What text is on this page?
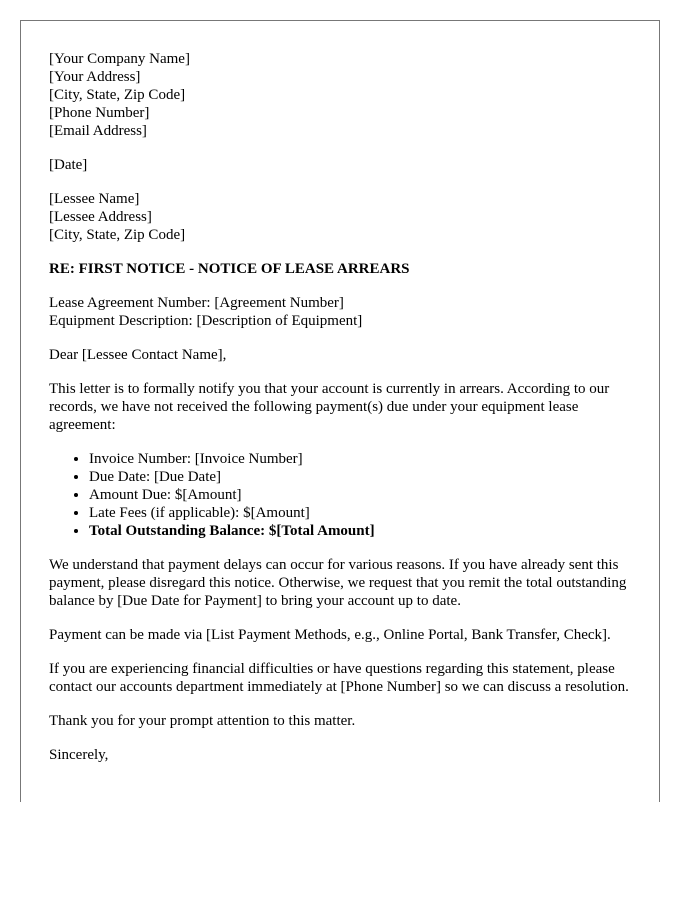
[Your Company Name]
[Your Address]
[City, State, Zip Code]
[Phone Number]
[Email Address]
[Date]
[Lessee Name]
[Lessee Address]
[City, State, Zip Code]
RE: FIRST NOTICE - NOTICE OF LEASE ARREARS
Lease Agreement Number: [Agreement Number]
Equipment Description: [Description of Equipment]

Dear [Lessee Contact Name],

This letter is to formally notify you that your account is currently in arrears. According to our records, we have not received the following payment(s) due under your equipment lease agreement:

• Invoice Number: [Invoice Number]
• Due Date: [Due Date]
• Amount Due: $[Amount]
• Late Fees (if applicable): $[Amount]
• Total Outstanding Balance: $[Total Amount]

We understand that payment delays can occur for various reasons. If you have already sent this payment, please disregard this notice. Otherwise, we request that you remit the total outstanding balance by [Due Date for Payment] to bring your account up to date.

Payment can be made via [List Payment Methods, e.g., Online Portal, Bank Transfer, Check].

If you are experiencing financial difficulties or have questions regarding this statement, please contact our accounts department immediately at [Phone Number] so we can discuss a resolution.

Thank you for your prompt attention to this matter.

Sincerely,
